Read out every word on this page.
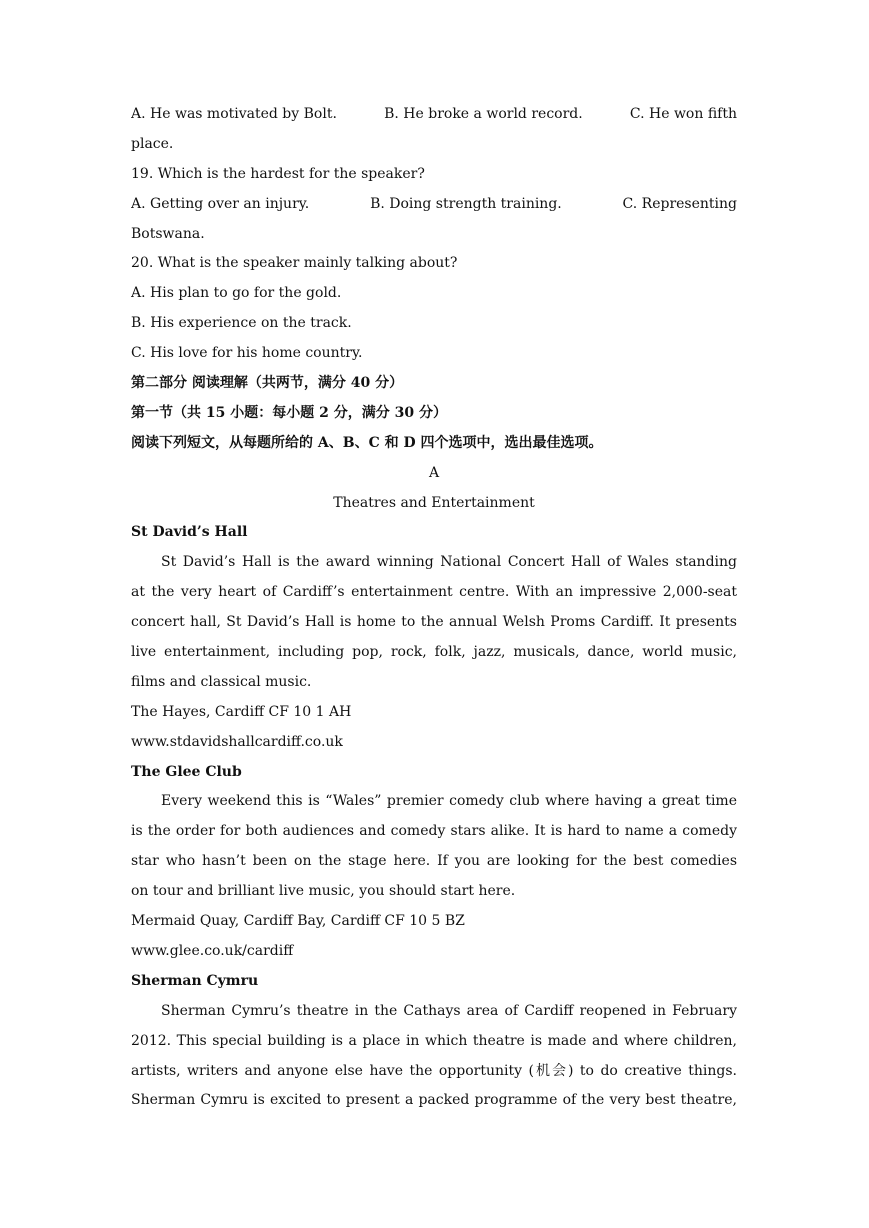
A. He was motivated by Bolt.	B. He broke a world record.	C. He won fifth
place.
19. Which is the hardest for the speaker?
A. Getting over an injury.	B. Doing strength training.	C. Representing
Botswana.
20. What is the speaker mainly talking about?
A. His plan to go for the gold.
B. His experience on the track.
C. His love for his home country.
第二部分 阅读理解（共两节，满分 40 分）
第一节（共 15 小题：每小题 2 分，满分 30 分）
阅读下列短文，从每题所给的 A、B、C 和 D 四个选项中，选出最佳选项。
A
Theatres and Entertainment
St David’s Hall
St David’s Hall is the award winning National Concert Hall of Wales standing
at the very heart of Cardiff’s entertainment centre. With an impressive 2,000-seat
concert hall, St David’s Hall is home to the annual Welsh Proms Cardiff. It presents
live entertainment, including pop, rock, folk, jazz, musicals, dance, world music,
films and classical music.
The Hayes, Cardiff CF 10 1 AH
www.stdavidshallcardiff.co.uk
The Glee Club
Every weekend this is “Wales” premier comedy club where having a great time
is the order for both audiences and comedy stars alike. It is hard to name a comedy
star who hasn’t been on the stage here. If you are looking for the best comedies
on tour and brilliant live music, you should start here.
Mermaid Quay, Cardiff Bay, Cardiff CF 10 5 BZ
www.glee.co.uk/cardiff
Sherman Cymru
Sherman Cymru’s theatre in the Cathays area of Cardiff reopened in February
2012. This special building is a place in which theatre is made and where children,
artists, writers and anyone else have the opportunity (机会) to do creative things.
Sherman Cymru is excited to present a packed programme of the very best theatre,
